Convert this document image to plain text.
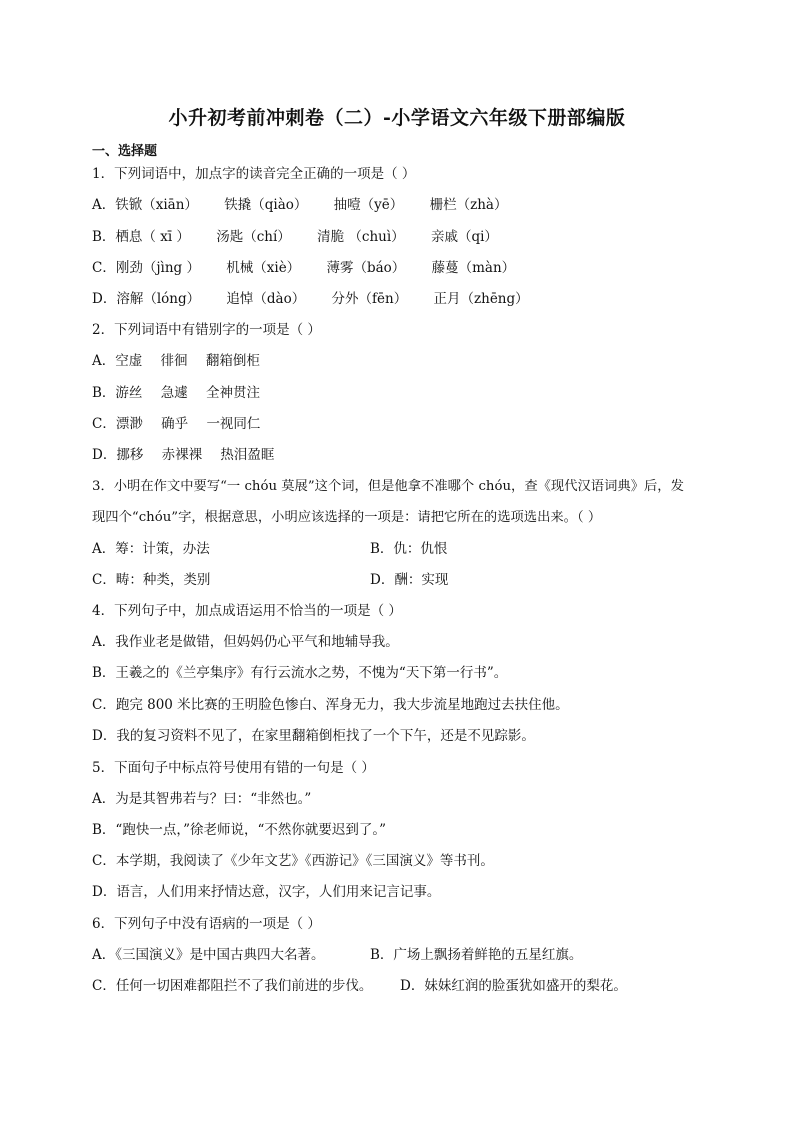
小升初考前冲刺卷（二）-小学语文六年级下册部编版
一、选择题
1．下列词语中，加点字的读音完全正确的一项是（ ）
A．铁锨（xiān） 铁撬（qiào） 抽噎（yē） 栅栏（zhà）
B．栖息（ xī ） 汤匙（chí） 清脆 （chuì） 亲戚（qi）
C．刚劲（jìng ） 机械（xiè） 薄雾（báo） 藤蔓（màn）
D．溶解（lóng） 追悼（dào） 分外（fēn） 正月（zhēng）
2．下列词语中有错别字的一项是（ ）
A．空虚 徘徊 翻箱倒柜
B．游丝 急遽 全神贯注
C．漂渺 确乎 一视同仁
D．挪移 赤裸裸 热泪盈眶
3．小明在作文中要写“一 chóu 莫展”这个词，但是他拿不准哪个 chóu，查《现代汉语词典》后，发
现四个“chóu”字，根据意思，小明应该选择的一项是：请把它所在的选项选出来。（ ）
A．筹：计策，办法	B．仇：仇恨
C．畴：种类，类别	D．酬：实现
4．下列句子中，加点成语运用不恰当的一项是（ ）
A．我作业老是做错，但妈妈仍心平气和地辅导我。
B．王羲之的《兰亭集序》有行云流水之势，不愧为“天下第一行书”。
C．跑完 800 米比赛的王明脸色惨白、浑身无力，我大步流星地跑过去扶住他。
D．我的复习资料不见了，在家里翻箱倒柜找了一个下午，还是不见踪影。
5．下面句子中标点符号使用有错的一句是（ ）
A．为是其智弗若与？曰：“非然也。”
B．“跑快一点，”徐老师说，“不然你就要迟到了。”
C．本学期，我阅读了《少年文艺》《西游记》《三国演义》等书刊。
D．语言，人们用来抒情达意，汉字，人们用来记言记事。
6．下列句子中没有语病的一项是（ ）
A．《三国演义》是中国古典四大名著。	B．广场上飘扬着鲜艳的五星红旗。
C．任何一切困难都阻拦不了我们前进的步伐。 D．妹妹红润的脸蛋犹如盛开的梨花。
